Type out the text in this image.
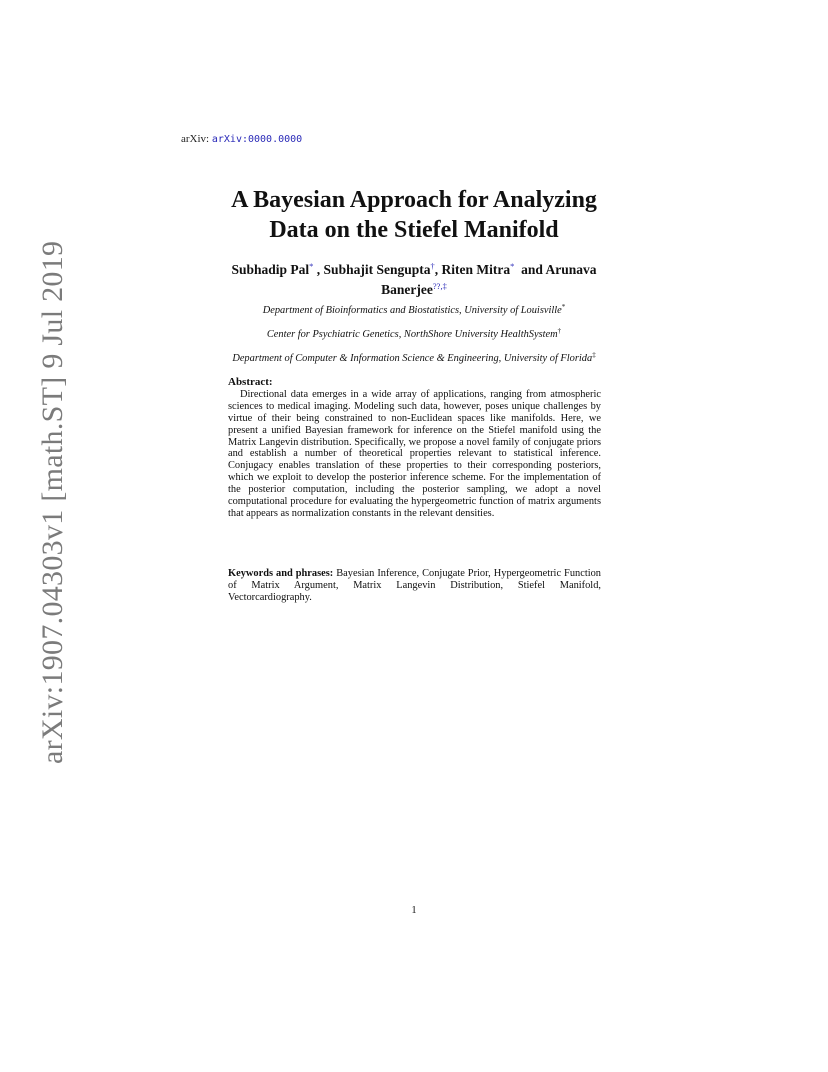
arXiv:1907.04303v1 [math.ST] 9 Jul 2019
arXiv: arXiv:0000.0000
A Bayesian Approach for Analyzing
Data on the Stiefel Manifold
Subhadip Pal* , Subhajit Sengupta†, Riten Mitra*  and Arunava
Banerjee??,‡
Department of Bioinformatics and Biostatistics, University of Louisville*
Center for Psychiatric Genetics, NorthShore University HealthSystem†
Department of Computer & Information Science & Engineering, University of Florida‡
Abstract:
Directional data emerges in a wide array of applications, ranging from atmospheric sciences to medical imaging. Modeling such data, however, poses unique challenges by virtue of their being constrained to non-Euclidean spaces like manifolds. Here, we present a unified Bayesian framework for inference on the Stiefel manifold using the Matrix Langevin distribution. Specifically, we propose a novel family of conjugate priors and establish a number of theoretical properties relevant to statistical inference. Conjugacy enables translation of these properties to their corresponding posteriors, which we exploit to develop the posterior inference scheme. For the implementation of the posterior computation, including the posterior sampling, we adopt a novel computational procedure for evaluating the hypergeometric function of matrix arguments that appears as normalization constants in the relevant densities.
Keywords and phrases: Bayesian Inference, Conjugate Prior, Hypergeometric Function of Matrix Argument, Matrix Langevin Distribution, Stiefel Manifold, Vectorcardiography.
1
